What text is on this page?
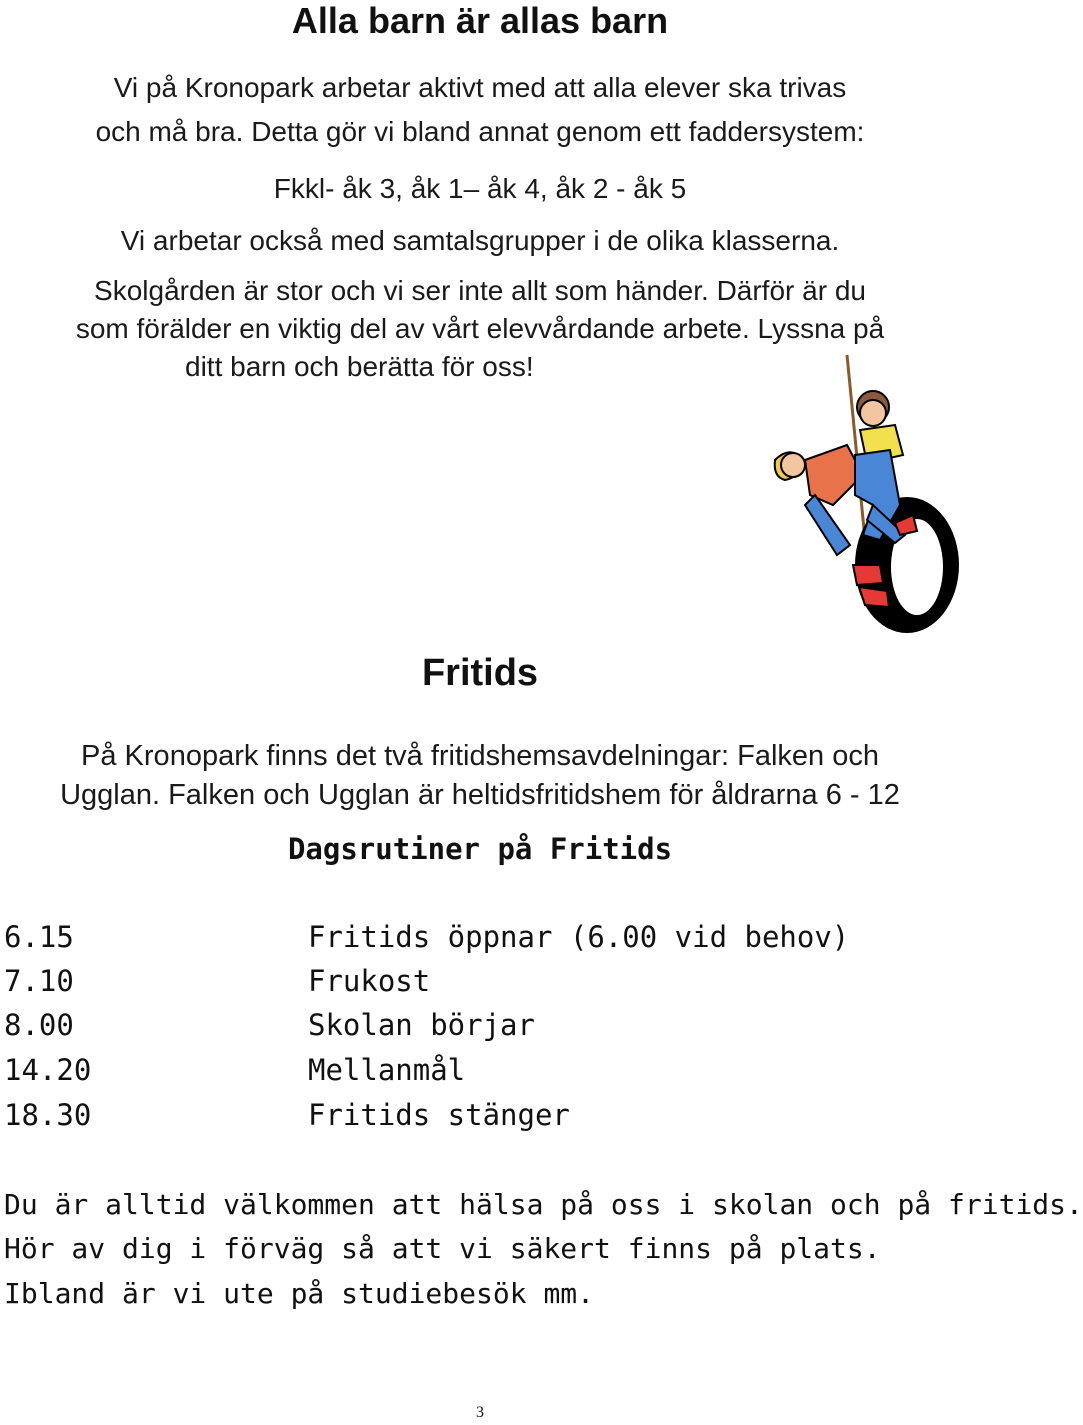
Alla barn är allas barn
Vi på Kronopark arbetar aktivt med att alla elever ska trivas
och må bra. Detta gör vi bland annat genom ett faddersystem:
Fkkl- åk 3, åk 1– åk 4, åk 2 - åk 5
Vi arbetar också med samtalsgrupper i de olika klasserna.
Skolgården är stor och vi ser inte allt som händer. Därför är du
som förälder en viktig del av vårt elevvårdande arbete. Lyssna på
ditt barn och berätta för oss!
Fritids
På Kronopark finns det två fritidshemsavdelningar: Falken och
Ugglan. Falken och Ugglan är heltidsfritidshem för åldrarna 6 - 12
Dagsrutiner på Fritids
6.15	Fritids öppnar (6.00 vid behov)
7.10	Frukost
8.00	Skolan börjar
14.20	Mellanmål
18.30	Fritids stänger
Du är alltid välkommen att hälsa på oss i skolan och på fritids.
Hör av dig i förväg så att vi säkert finns på plats.
Ibland är vi ute på studiebesök mm.
3
